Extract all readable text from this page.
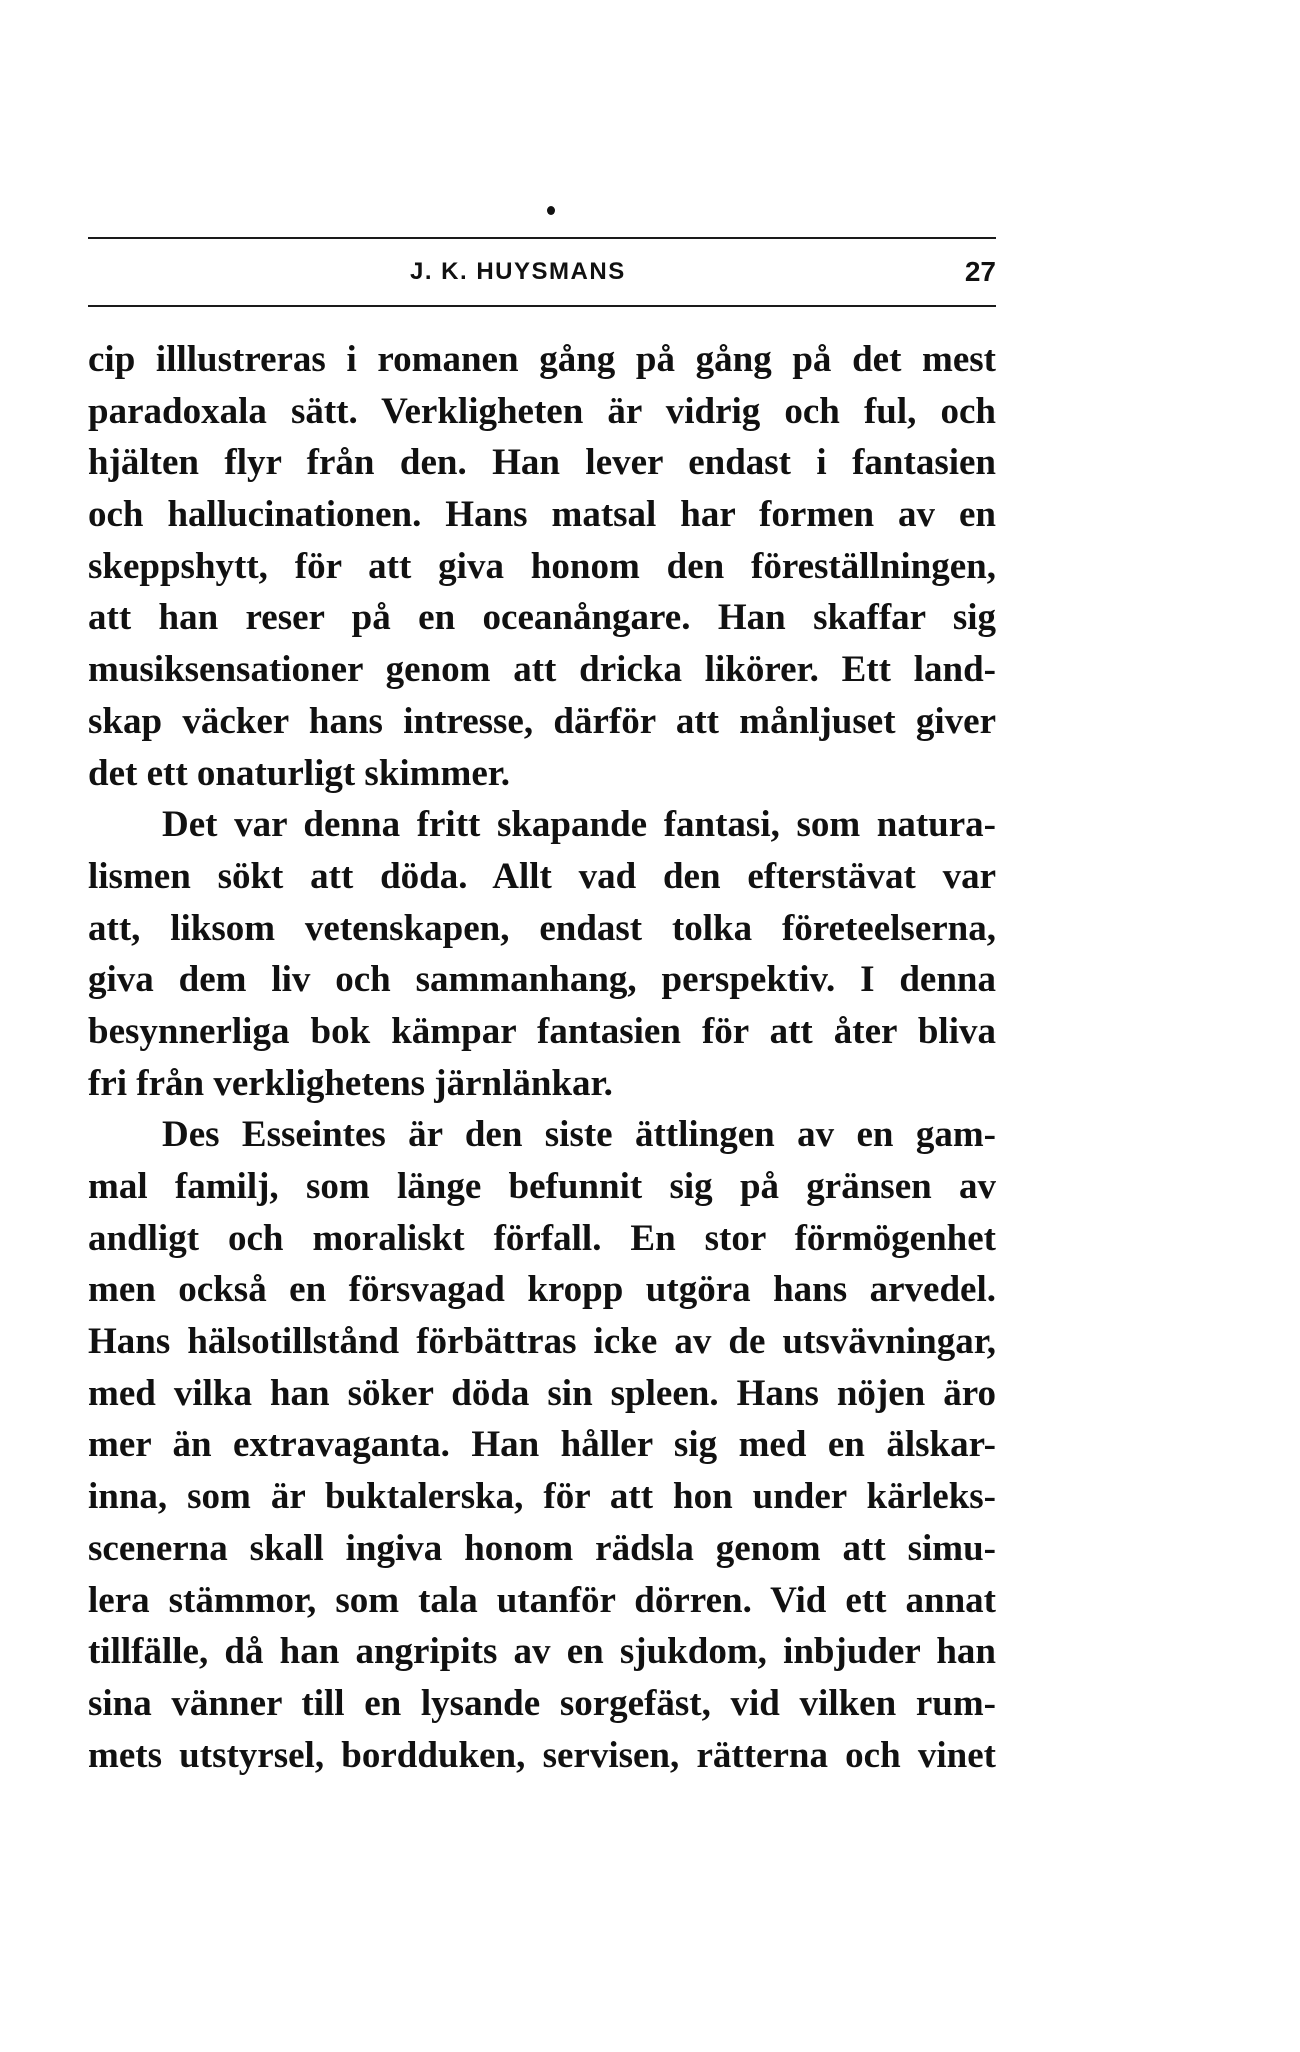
J. K. HUYSMANS	27
cip illlustreras i romanen gång på gång på det mest
paradoxala sätt. Verkligheten är vidrig och ful, och
hjälten flyr från den. Han lever endast i fantasien
och hallucinationen. Hans matsal har formen av en
skeppshytt, för att giva honom den föreställningen,
att han reser på en oceanångare. Han skaffar sig
musiksensationer genom att dricka likörer. Ett land-
skap väcker hans intresse, därför att månljuset giver
det ett onaturligt skimmer.
Det var denna fritt skapande fantasi, som natura-
lismen sökt att döda. Allt vad den efterstävat var
att, liksom vetenskapen, endast tolka företeelserna,
giva dem liv och sammanhang, perspektiv. I denna
besynnerliga bok kämpar fantasien för att åter bliva
fri från verklighetens järnlänkar.
Des Esseintes är den siste ättlingen av en gam-
mal familj, som länge befunnit sig på gränsen av
andligt och moraliskt förfall. En stor förmögenhet
men också en försvagad kropp utgöra hans arvedel.
Hans hälsotillstånd förbättras icke av de utsvävningar,
med vilka han söker döda sin spleen. Hans nöjen äro
mer än extravaganta. Han håller sig med en älskar-
inna, som är buktalerska, för att hon under kärleks-
scenerna skall ingiva honom rädsla genom att simu-
lera stämmor, som tala utanför dörren. Vid ett annat
tillfälle, då han angripits av en sjukdom, inbjuder han
sina vänner till en lysande sorgefäst, vid vilken rum-
mets utstyrsel, bordduken, servisen, rätterna och vinet
